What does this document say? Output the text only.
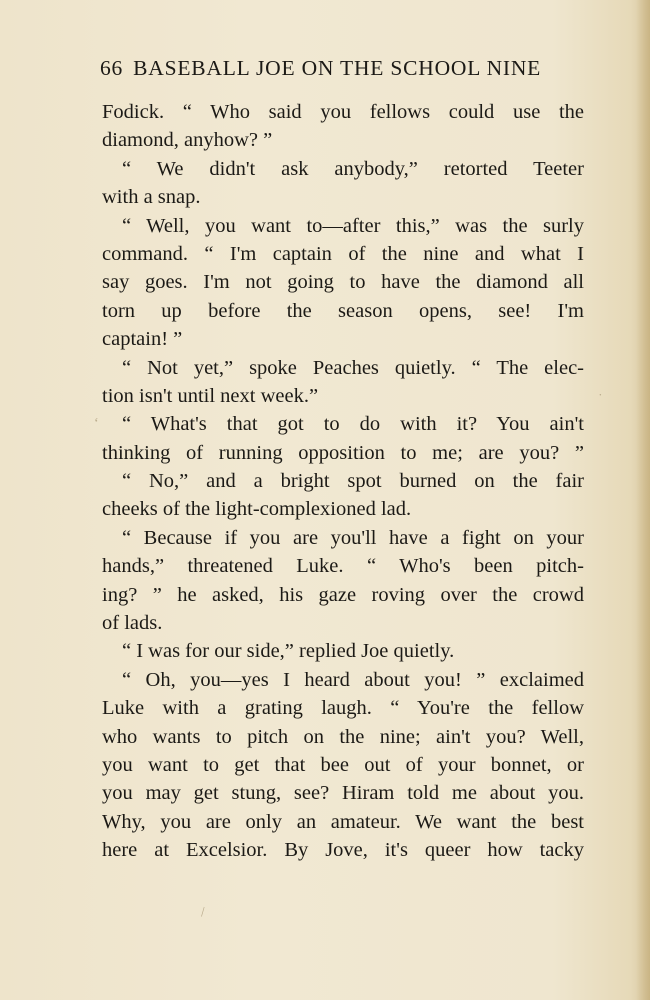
66 BASEBALL JOE ON THE SCHOOL NINE
Fodick. “ Who said you fellows could use the
diamond, anyhow? ”
“ We didn't ask anybody,” retorted Teeter
with a snap.
“ Well, you want to—after this,” was the surly
command. “ I'm captain of the nine and what I
say goes. I'm not going to have the diamond all
torn up before the season opens, see! I'm
captain! ”
“ Not yet,” spoke Peaches quietly. “ The elec-
tion isn't until next week.”
“ What's that got to do with it? You ain't
thinking of running opposition to me; are you? ”
“ No,” and a bright spot burned on the fair
cheeks of the light-complexioned lad.
“ Because if you are you'll have a fight on your
hands,” threatened Luke. “ Who's been pitch-
ing? ” he asked, his gaze roving over the crowd
of lads.
“ I was for our side,” replied Joe quietly.
“ Oh, you—yes I heard about you! ” exclaimed
Luke with a grating laugh. “ You're the fellow
who wants to pitch on the nine; ain't you? Well,
you want to get that bee out of your bonnet, or
you may get stung, see? Hiram told me about you.
Why, you are only an amateur. We want the best
here at Excelsior. By Jove, it's queer how tacky
‘
˙
\
